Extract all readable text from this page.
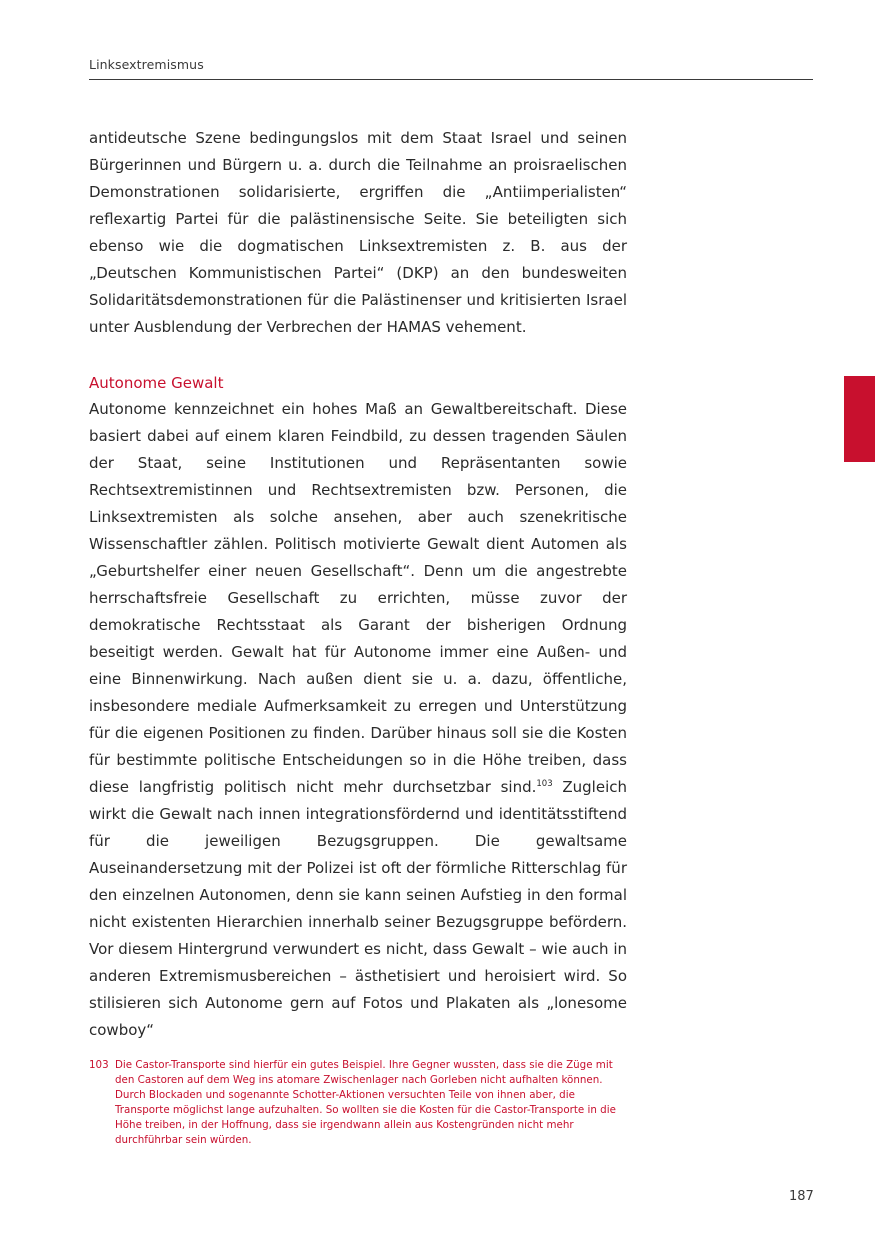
Linksextremismus

antideutsche Szene bedingungslos mit dem Staat Israel und seinen Bürgerinnen und Bürgern u. a. durch die Teilnahme an proisraelischen Demonstrationen solidarisierte, ergriffen die „Antiimperialisten“ reflexartig Partei für die palästinensische Seite. Sie beteiligten sich ebenso wie die dogmatischen Linksextremisten z. B. aus der „Deutschen Kommunistischen Partei“ (DKP) an den bundesweiten Solidaritätsdemonstrationen für die Palästinenser und kritisierten Israel unter Ausblendung der Verbrechen der HAMAS vehement.

Autonome Gewalt

Autonome kennzeichnet ein hohes Maß an Gewaltbereitschaft. Diese basiert dabei auf einem klaren Feindbild, zu dessen tragenden Säulen der Staat, seine Institutionen und Repräsentanten sowie Rechtsextremistinnen und Rechtsextremisten bzw. Personen, die Linksextremisten als solche ansehen, aber auch szenekritische Wissenschaftler zählen. Politisch motivierte Gewalt dient Automen als „Geburtshelfer einer neuen Gesellschaft“. Denn um die angestrebte herrschaftsfreie Gesellschaft zu errichten, müsse zuvor der demokratische Rechtsstaat als Garant der bisherigen Ordnung beseitigt werden. Gewalt hat für Autonome immer eine Außen- und eine Binnenwirkung. Nach außen dient sie u. a. dazu, öffentliche, insbesondere mediale Aufmerksamkeit zu erregen und Unterstützung für die eigenen Positionen zu finden. Darüber hinaus soll sie die Kosten für bestimmte politische Entscheidungen so in die Höhe treiben, dass diese langfristig politisch nicht mehr durchsetzbar sind.$^{103}$ Zugleich wirkt die Gewalt nach innen integrationsfördernd und identitätsstiftend für die jeweiligen Bezugsgruppen. Die gewaltsame Auseinandersetzung mit der Polizei ist oft der förmliche Ritterschlag für den einzelnen Autonomen, denn sie kann seinen Aufstieg in den formal nicht existenten Hierarchien innerhalb seiner Bezugsgruppe befördern. Vor diesem Hintergrund verwundert es nicht, dass Gewalt – wie auch in anderen Extremismusbereichen – ästhetisiert und heroisiert wird. So stilisieren sich Autonome gern auf Fotos und Plakaten als „lonesome cowboy“

103 Die Castor-Transporte sind hierfür ein gutes Beispiel. Ihre Gegner wussten, dass sie die Züge mit den Castoren auf dem Weg ins atomare Zwischenlager nach Gorleben nicht aufhalten können. Durch Blockaden und sogenannte Schotter-Aktionen versuchten Teile von ihnen aber, die Transporte möglichst lange aufzuhalten. So wollten sie die Kosten für die Castor-Transporte in die Höhe treiben, in der Hoffnung, dass sie irgendwann allein aus Kostengründen nicht mehr durchführbar sein würden.
187
